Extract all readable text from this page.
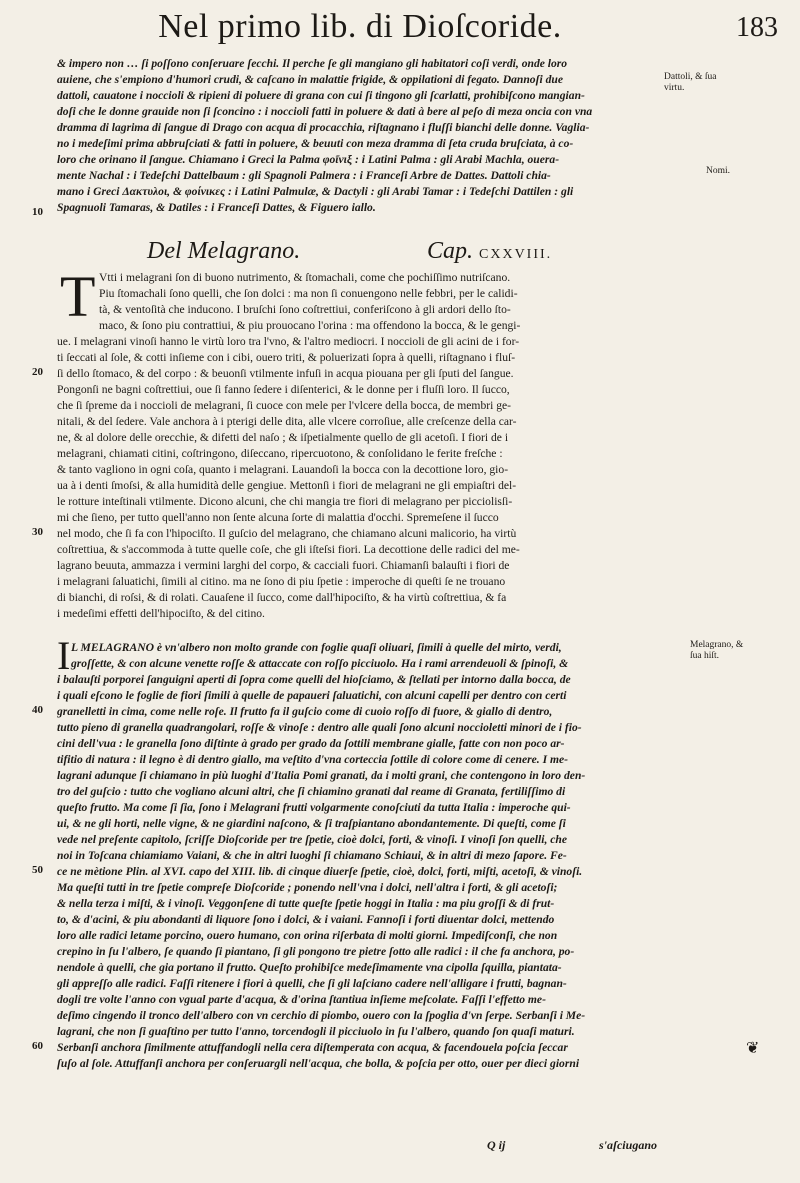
Nel primo lib. di Dioſcoride.	183
& impero non … ſi poſſono conſeruare ſecchi. Il perche ſe gli mangiano gli habitatori coſi verdi, onde loro
auiene, che s'empiono d'humori crudi, & caſcano in malattie frigide, & oppilationi di fegato. Dannoſi due
dattoli, cauatone i noccioli & ripieni di poluere di grana con cui ſi tingono gli ſcarlatti, prohibiſcono mangian-
doſi che le donne grauide non ſi ſconcino : i noccioli fatti in poluere & dati à bere al peſo di meza oncia con vna
dramma di lagrima di ſangue di Drago con acqua di procacchia, riſtagnano i fluſſi bianchi delle donne. Vaglia-
no i medeſimi prima abbruſciati & fatti in poluere, & beuuti con meza dramma di ſeta cruda bruſciata, à co-
loro che orinano il ſangue. Chiamano i Greci la Palma φοῖνιξ : i Latini Palma : gli Arabi Machla, ouera-
mente Nachal : i Tedeſchi Dattelbaum : gli Spagnoli Palmera : i Franceſi Arbre de Dattes. Dattoli chia-
mano i Greci Δακτυλοι, & φοίνικες : i Latini Palmulæ, & Dactyli : gli Arabi Tamar : i Tedeſchi Dattilen : gli
Spagnuoli Tamaras, & Datiles : i Franceſi Dattes, & Figuero iallo.
Del Melagrano.	Cap. CXXVIII.
T Vtti i melagrani ſon di buono nutrimento, & ſtomachali, come che pochiſſimo nutriſcano.
Piu ſtomachali ſono quelli, che ſon dolci : ma non ſi conuengono nelle febbri, per le calidi-
tà, & ventoſità che inducono. I bruſchi ſono coſtrettiui, conferiſcono à gli ardori dello ſto-
maco, & ſono piu contrattiui, & piu prouocano l'orina : ma offendono la bocca, & le gengi-
ue. I melagrani vinoſi hanno le virtù loro tra l'vno, & l'altro mediocri. I noccioli de gli acini de i for-
ti ſeccati al ſole, & cotti inſieme con i cibi, ouero triti, & poluerizati ſopra à quelli, riſtagnano i fluſ-
ſi dello ſtomaco, & del corpo : & beuonſi vtilmente infuſi in acqua piouana per gli ſputi del ſangue.
Pongonſi ne bagni coſtrettiui, oue ſi fanno ſedere i diſenterici, & le donne per i fluſſi loro. Il ſucco,
che ſi ſpreme da i noccioli de melagrani, ſi cuoce con mele per l'vlcere della bocca, de membri ge-
nitali, & del ſedere. Vale anchora à i pterigi delle dita, alle vlcere corroſiue, alle creſcenze della car-
ne, & al dolore delle orecchie, & difetti del naſo ; & iſpetialmente quello de gli acetoſi. I fiori de i
melagrani, chiamati citini, coſtringono, diſeccano, ripercuotono, & conſolidano le ferite freſche :
& tanto vagliono in ogni coſa, quanto i melagrani. Lauandoſi la bocca con la decottione loro, gio-
ua à i denti ſmoſsi, & alla humidità delle gengiue. Mettonſi i fiori de melagrani ne gli empiaſtri del-
le rotture inteſtinali vtilmente. Dicono alcuni, che chi mangia tre fiori di melagrano per picciolisſi-
mi che ſieno, per tutto quell'anno non ſente alcuna ſorte di malattia d'occhi. Spremeſene il ſucco
nel modo, che ſi fa con l'hipociſto. Il guſcio del melagrano, che chiamano alcuni malicorio, ha virtù
coſtrettiua, & s'accommoda à tutte quelle coſe, che gli iſteſsi fiori. La decottione delle radici del me-
lagrano beuuta, ammazza i vermini larghi del corpo, & cacciali fuori. Chiamanſi balauſti i fiori de
i melagrani ſaluatichi, ſimili al citino. ma ne ſono di piu ſpetie : imperoche di queſti ſe ne trouano
di bianchi, di roſsi, & di rolati. Cauaſene il ſucco, come dall'hipociſto, & ha virtù coſtrettiua, & fa
i medeſimi effetti dell'hipociſto, & del citino.
I L MELAGRANO è vn'albero non molto grande con foglie quaſi oliuari, ſimili à quelle del mirto, verdi,
groſſette, & con alcune venette roſſe & attaccate con roſſo picciuolo. Ha i rami arrendeuoli & ſpinoſi, &
i balauſti porporei ſanguigni aperti di ſopra come quelli del hioſciamo, & ſtellati per intorno dalla bocca, de
i quali eſcono le foglie de fiori ſimili à quelle de papaueri ſaluatichi, con alcuni capelli per dentro con certi
granelletti in cima, come nelle roſe. Il frutto fa il guſcio come di cuoio roſſo di fuore, & giallo di dentro,
tutto pieno di granella quadrangolari, roſſe & vinoſe : dentro alle quali ſono alcuni noccioletti minori de i fio-
cini dell'vua : le granella ſono diſtinte à grado per grado da ſottili membrane gialle, fatte con non poco ar-
tifitio di natura : il legno è di dentro giallo, ma veſtito d'vna corteccia ſottile di colore come di cenere. I me-
lagrani adunque ſi chiamano in più luoghi d'Italia Pomi granati, da i molti grani, che contengono in loro den-
tro del guſcio : tutto che vogliano alcuni altri, che ſi chiamino granati dal reame di Granata, fertiliſſimo di
queſto frutto. Ma come ſi ſia, ſono i Melagrani frutti volgarmente conoſciuti da tutta Italia : imperoche qui-
ui, & ne gli horti, nelle vigne, & ne giardini naſcono, & ſi traſpiantano abondantemente. Di queſti, come ſi
vede nel preſente capitolo, ſcriſſe Dioſcoride per tre ſpetie, cioè dolci, forti, & vinoſi. I vinoſi ſon quelli, che
noi in Toſcana chiamiamo Vaiani, & che in altri luoghi ſi chiamano Schiaui, & in altri di mezo ſapore. Fe-
ce ne mètione Plin. al XVI. capo del XIII. lib. di cinque diuerſe ſpetie, cioè, dolci, forti, miſti, acetoſi, & vinoſi.
Ma queſti tutti in tre ſpetie compreſe Dioſcoride ; ponendo nell'vna i dolci, nell'altra i forti, & gli acetoſi;
& nella terza i miſti, & i vinoſi. Veggonſene di tutte queſte ſpetie hoggi in Italia : ma piu groſſi & di frut-
to, & d'acini, & piu abondanti di liquore ſono i dolci, & i vaiani. Fannoſi i forti diuentar dolci, mettendo
loro alle radici letame porcino, ouero humano, con orina riſerbata di molti giorni. Impediſconſi, che non
crepino in ſu l'albero, ſe quando ſi piantano, ſi gli pongono tre pietre ſotto alle radici : il che fa anchora, po-
nendole à quelli, che gia portano il frutto. Queſto prohibiſce medeſimamente vna cipolla ſquilla, piantata-
gli appreſſo alle radici. Faſſi ritenere i fiori à quelli, che ſi gli laſciano cadere nell'alligare i frutti, bagnan-
dogli tre volte l'anno con vgual parte d'acqua, & d'orina ſtantiua inſieme meſcolate. Faſſi l'effetto me-
deſimo cingendo il tronco dell'albero con vn cerchio di piombo, ouero con la ſpoglia d'vn ſerpe. Serbanſi i Me-
lagrani, che non ſi guaſtino per tutto l'anno, torcendogli il picciuolo in ſu l'albero, quando ſon quaſi maturi.
Serbanſi anchora ſimilmente attuffandogli nella cera diſtemperata con acqua, & facendouela poſcia ſeccar
ſuſo al ſole. Attuffanſi anchora per conſeruargli nell'acqua, che bolla, & poſcia per otto, ouer per dieci giorni
Dattoli, & ſua virtu.
Nomi.
Melagrano, & ſua hiſt.
10
20
30
40
50
60	❦
Q ij	s'aſciugano
